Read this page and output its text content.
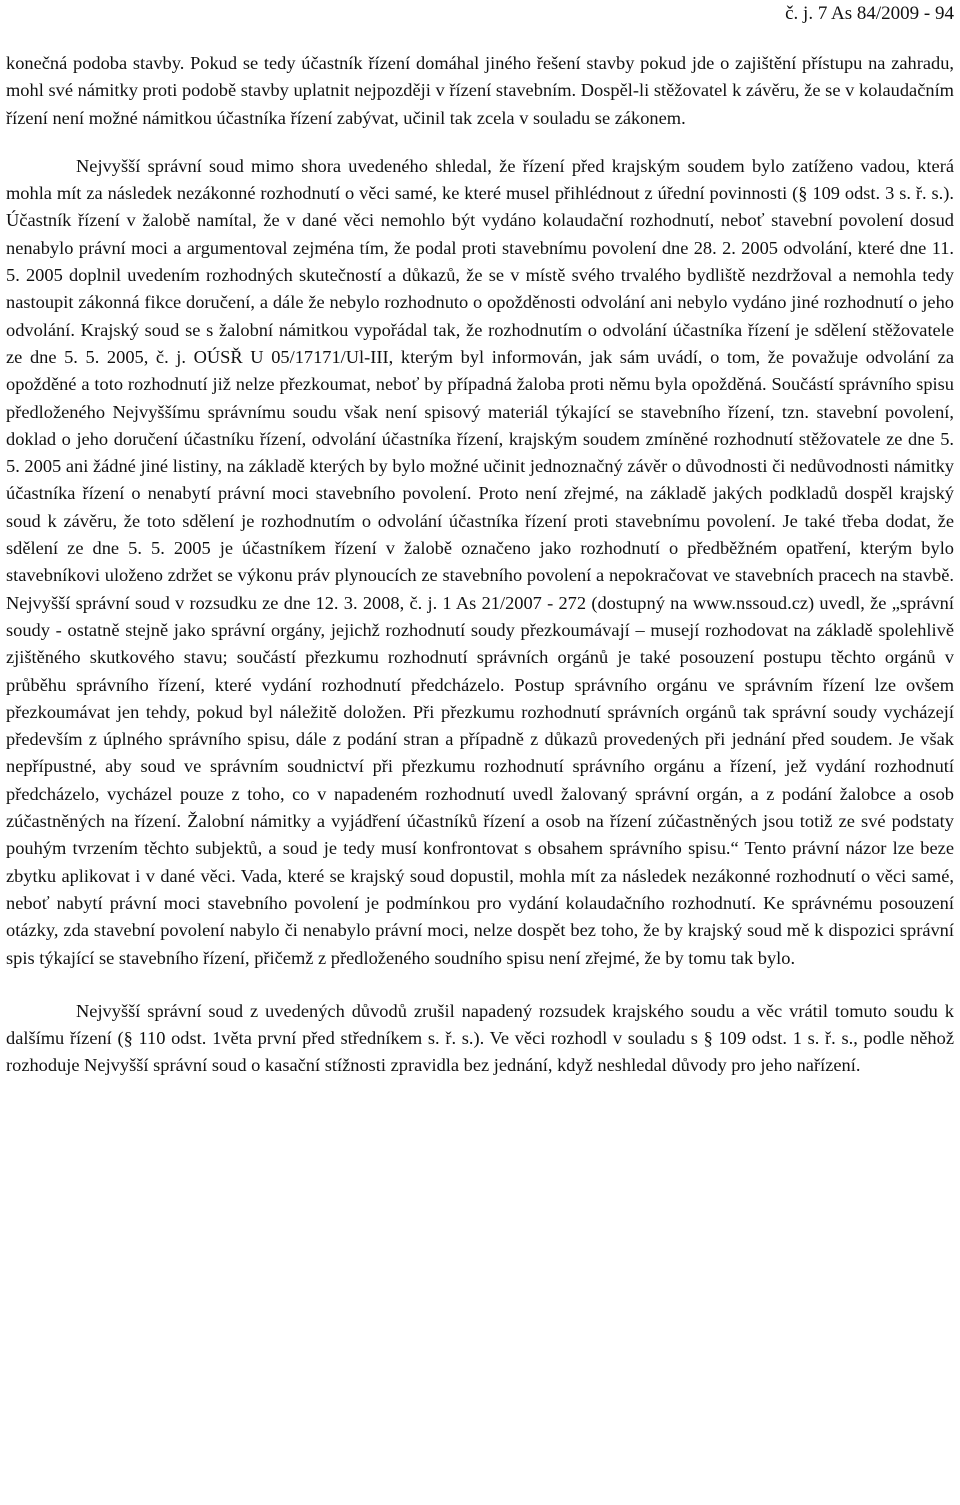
č. j. 7 As 84/2009 - 94

konečná podoba stavby. Pokud se tedy účastník řízení domáhal jiného řešení stavby pokud jde o zajištění přístupu na zahradu, mohl své námitky proti podobě stavby uplatnit nejpozději v řízení stavebním. Dospěl-li stěžovatel k závěru, že se v kolaudačním řízení není možné námitkou účastníka řízení zabývat, učinil tak zcela v souladu se zákonem.

Nejvyšší správní soud mimo shora uvedeného shledal, že řízení před krajským soudem bylo zatíženo vadou, která mohla mít za následek nezákonné rozhodnutí o věci samé, ke které musel přihlédnout z úřední povinnosti (§ 109 odst. 3 s. ř. s.). Účastník řízení v žalobě namítal, že v dané věci nemohlo být vydáno kolaudační rozhodnutí, neboť stavební povolení dosud nenabylo právní moci a argumentoval zejména tím, že podal proti stavebnímu povolení dne 28. 2. 2005 odvolání, které dne 11. 5. 2005 doplnil uvedením rozhodných skutečností a důkazů, že se v místě svého trvalého bydliště nezdržoval a nemohla tedy nastoupit zákonná fikce doručení, a dále že nebylo rozhodnuto o opožděnosti odvolání ani nebylo vydáno jiné rozhodnutí o jeho odvolání. Krajský soud se s žalobní námitkou vypořádal tak, že rozhodnutím o odvolání účastníka řízení je sdělení stěžovatele ze dne 5. 5. 2005, č. j. OÚSŘ U 05/17171/Ul-III, kterým byl informován, jak sám uvádí, o tom, že považuje odvolání za opožděné a toto rozhodnutí již nelze přezkoumat, neboť by případná žaloba proti němu byla opožděná. Součástí správního spisu předloženého Nejvyššímu správnímu soudu však není spisový materiál týkající se stavebního řízení, tzn. stavební povolení, doklad o jeho doručení účastníku řízení, odvolání účastníka řízení, krajským soudem zmíněné rozhodnutí stěžovatele ze dne 5. 5. 2005 ani žádné jiné listiny, na základě kterých by bylo možné učinit jednoznačný závěr o důvodnosti či nedůvodnosti námitky účastníka řízení o nenabytí právní moci stavebního povolení. Proto není zřejmé, na základě jakých podkladů dospěl krajský soud k závěru, že toto sdělení je rozhodnutím o odvolání účastníka řízení proti stavebnímu povolení. Je také třeba dodat, že sdělení ze dne 5. 5. 2005 je účastníkem řízení v žalobě označeno jako rozhodnutí o předběžném opatření, kterým bylo stavebníkovi uloženo zdržet se výkonu práv plynoucích ze stavebního povolení a nepokračovat ve stavebních pracech na stavbě. Nejvyšší správní soud v rozsudku ze dne 12. 3. 2008, č. j. 1 As 21/2007 - 272 (dostupný na www.nssoud.cz) uvedl, že „správní soudy - ostatně stejně jako správní orgány, jejichž rozhodnutí soudy přezkoumávají – musejí rozhodovat na základě spolehlivě zjištěného skutkového stavu; součástí přezkumu rozhodnutí správních orgánů je také posouzení postupu těchto orgánů v průběhu správního řízení, které vydání rozhodnutí předcházelo. Postup správního orgánu ve správním řízení lze ovšem přezkoumávat jen tehdy, pokud byl náležitě doložen. Při přezkumu rozhodnutí správních orgánů tak správní soudy vycházejí především z úplného správního spisu, dále z podání stran a případně z důkazů provedených při jednání před soudem. Je však nepřípustné, aby soud ve správním soudnictví při přezkumu rozhodnutí správního orgánu a řízení, jež vydání rozhodnutí předcházelo, vycházel pouze z toho, co v napadeném rozhodnutí uvedl žalovaný správní orgán, a z podání žalobce a osob zúčastněných na řízení. Žalobní námitky a vyjádření účastníků řízení a osob na řízení zúčastněných jsou totiž ze své podstaty pouhým tvrzením těchto subjektů, a soud je tedy musí konfrontovat s obsahem správního spisu.“ Tento právní názor lze beze zbytku aplikovat i v dané věci. Vada, které se krajský soud dopustil, mohla mít za následek nezákonné rozhodnutí o věci samé, neboť nabytí právní moci stavebního povolení je podmínkou pro vydání kolaudačního rozhodnutí. Ke správnému posouzení otázky, zda stavební povolení nabylo či nenabylo právní moci, nelze dospět bez toho, že by krajský soud mě k dispozici správní spis týkající se stavebního řízení, přičemž z předloženého soudního spisu není zřejmé, že by tomu tak bylo.

Nejvyšší správní soud z uvedených důvodů zrušil napadený rozsudek krajského soudu a věc vrátil tomuto soudu k dalšímu řízení (§ 110 odst. 1věta první před středníkem s. ř. s.). Ve věci rozhodl v souladu s § 109 odst. 1 s. ř. s., podle něhož rozhoduje Nejvyšší správní soud o kasační stížnosti zpravidla bez jednání, když neshledal důvody pro jeho nařízení.
